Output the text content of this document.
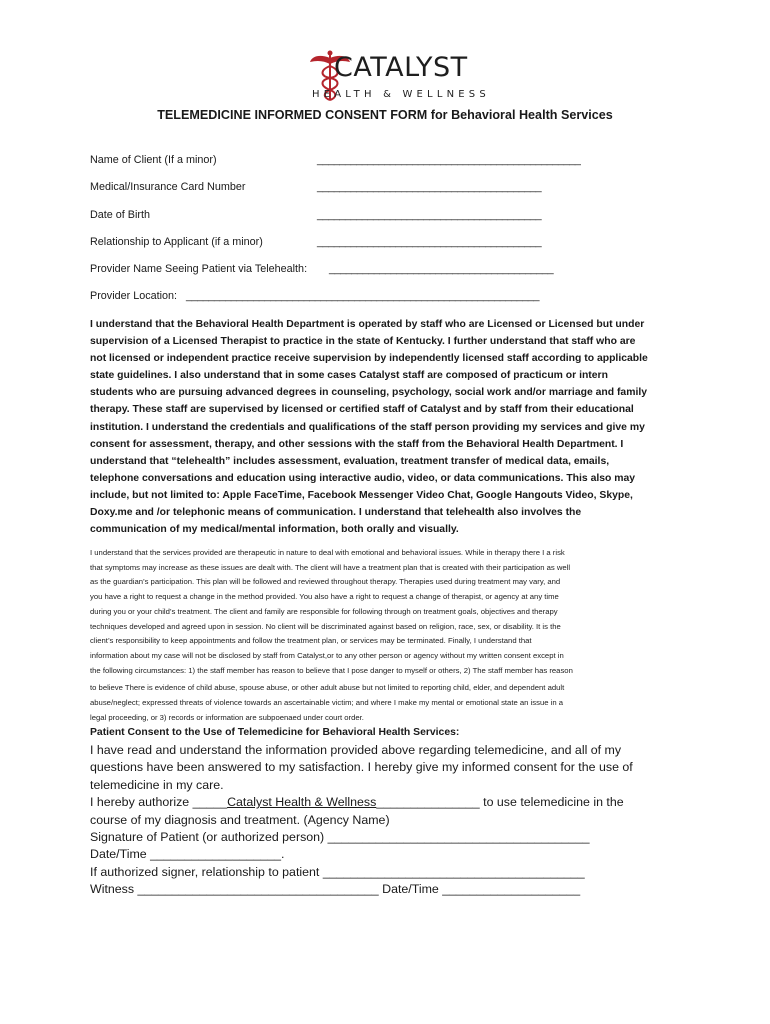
CATALYST
HEALTH & WELLNESS
TELEMEDICINE INFORMED CONSENT FORM for Behavioral Health Services
Name of Client (If a minor)	_______________________________________________
Medical/Insurance Card Number	________________________________________
Date of Birth	________________________________________
Relationship to Applicant (if a minor)	________________________________________
Provider Name Seeing Patient via Telehealth: ________________________________________
Provider Location: _______________________________________________________________
I understand that the Behavioral Health Department is operated by staff who are Licensed or Licensed but under
supervision of a Licensed Therapist to practice in the state of Kentucky. I further understand that staff who are
not licensed or independent practice receive supervision by independently licensed staff according to applicable
state guidelines. I also understand that in some cases Catalyst staff are composed of practicum or intern
students who are pursuing advanced degrees in counseling, psychology, social work and/or marriage and family
therapy. These staff are supervised by licensed or certified staff of Catalyst and by staff from their educational
institution. I understand the credentials and qualifications of the staff person providing my services and give my
consent for assessment, therapy, and other sessions with the staff from the Behavioral Health Department. I
understand that “telehealth” includes assessment, evaluation, treatment transfer of medical data, emails,
telephone conversations and education using interactive audio, video, or data communications. This also may
include, but not limited to: Apple FaceTime, Facebook Messenger Video Chat, Google Hangouts Video, Skype,
Doxy.me and /or telephonic means of communication. I understand that telehealth also involves the
communication of my medical/mental information, both orally and visually.
I understand that the services provided are therapeutic in nature to deal with emotional and behavioral issues. While in therapy there I a risk
that symptoms may increase as these issues are dealt with. The client will have a treatment plan that is created with their participation as well
as the guardian’s participation. This plan will be followed and reviewed throughout therapy. Therapies used during treatment may vary, and
you have a right to request a change in the method provided. You also have a right to request a change of therapist, or agency at any time
during you or your child’s treatment. The client and family are responsible for following through on treatment goals, objectives and therapy
techniques developed and agreed upon in session. No client will be discriminated against based on religion, race, sex, or disability. It is the
client’s responsibility to keep appointments and follow the treatment plan, or services may be terminated. Finally, I understand that
information about my case will not be disclosed by staff from Catalyst,or to any other person or agency without my written consent except in
the following circumstances: 1) the staff member has reason to believe that I pose danger to myself or others, 2) The staff member has reason
to believe There is evidence of child abuse, spouse abuse, or other adult abuse but not limited to reporting child, elder, and dependent adult
abuse/neglect; expressed threats of violence towards an ascertainable victim; and where I make my mental or emotional state an issue in a
legal proceeding, or 3) records or information are subpoenaed under court order.
Patient Consent to the Use of Telemedicine for Behavioral Health Services:
I have read and understand the information provided above regarding telemedicine, and all of my
questions have been answered to my satisfaction. I hereby give my informed consent for the use of
telemedicine in my care.
I hereby authorize _____Catalyst Health & Wellness_______________ to use telemedicine in the
course of my diagnosis and treatment. (Agency Name)
Signature of Patient (or authorized person) ______________________________________
Date/Time ___________________.
If authorized signer, relationship to patient ______________________________________
Witness ___________________________________ Date/Time ____________________
